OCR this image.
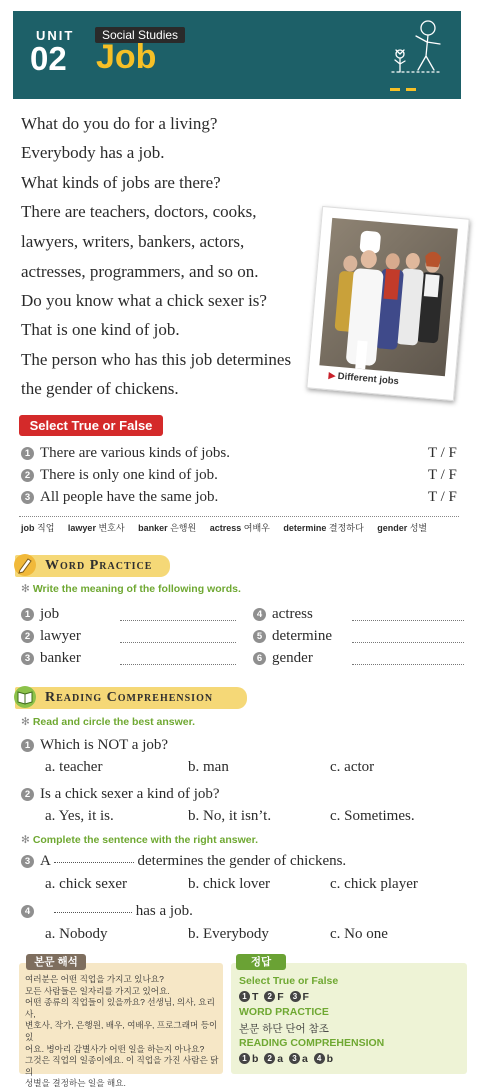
UNIT
02
Social Studies
Job
What do you do for a living?
Everybody has a job.
What kinds of jobs are there?
There are teachers, doctors, cooks,
lawyers, writers, bankers, actors,
actresses, programmers, and so on.
Do you know what a chick sexer is?
That is one kind of job.
The person who has this job determines
the gender of chickens.
▶Different jobs
Select True or False
1 There are various kinds of jobs.	T / F
2 There is only one kind of job.	T / F
3 All people have the same job.	T / F
job 직업 lawyer 변호사 banker 은행원 actress 여배우 determine 결정하다 gender 성별
Word Practice
✻ Write the meaning of the following words.
1 job
2 lawyer
3 banker
4 actress
5 determine
6 gender
Reading Comprehension
✻ Read and circle the best answer.
1 Which is NOT a job?
a. teacher	b. man	c. actor
2 Is a chick sexer a kind of job?
a. Yes, it is.	b. No, it isn’t.	c. Sometimes.
✻ Complete the sentence with the right answer.
3 A	determines the gender of chickens.
a. chick sexer	b. chick lover	c. chick player
4	has a job.
a. Nobody	b. Everybody	c. No one
본문 해석
여러분은 어떤 직업을 가지고 있나요?
모든 사람들은 일자리를 가지고 있어요.
어떤 종류의 직업들이 있을까요? 선생님, 의사, 요리사,
변호사, 작가, 은행원, 배우, 여배우, 프로그래머 등이 있
어요. 병아리 감별사가 어떤 일을 하는지 아나요?
그것은 직업의 일종이에요. 이 직업을 가진 사람은 닭의
성별을 결정하는 일을 해요.
정답
Select True or False
1 T 2 F 3 F
WORD PRACTICE
본문 하단 단어 참조
READING COMPREHENSION
1 b 2 a 3 a 4 b
